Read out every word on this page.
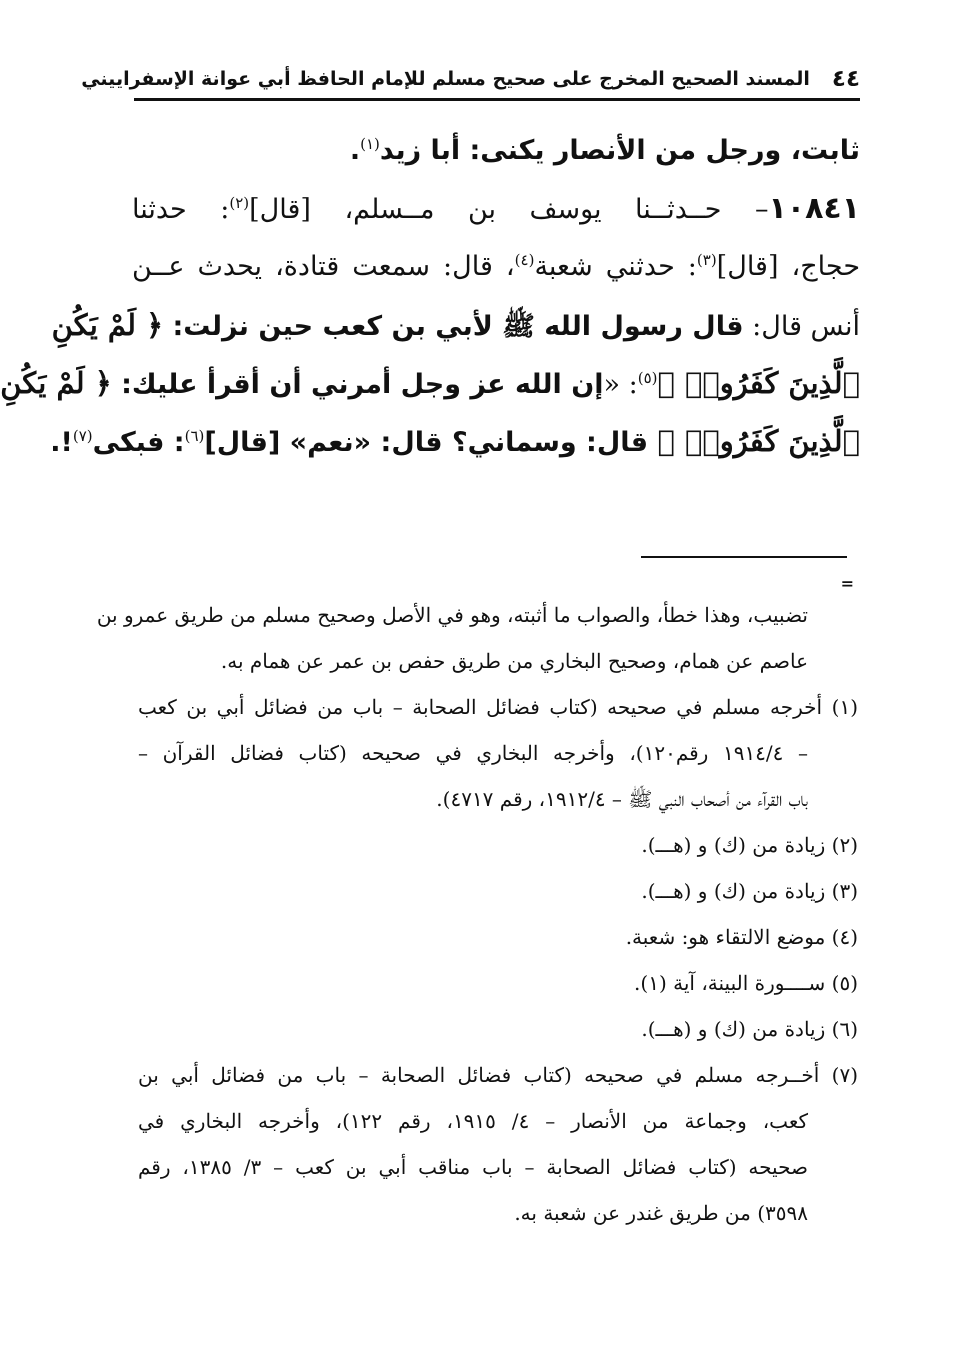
٤٤
المسند الصحيح المخرج على صحيح مسلم للإمام الحافظ أبي عوانة الإسفراييني
ثابت، ورجل من الأنصار يكنى: أبا زيد$^{(١)}$.
١٠٨٤١– حــدثــنا يوسف بن مــسلم، [قال]$^{(٢)}$: حدثنا
حجاج، [قال]$^{(٣)}$: حدثني شعبة$^{(٤)}$، قال: سمعت قتادة، يحدث عــن
أنس قال: قال رسول الله ﷺ لأبي بن كعب حين نزلت: ﴿ لَمْ يَكُنِ
ٱلَّذِينَ كَفَرُوا۟ ﴾$^{(٥)}$: «إن الله عز وجل أمرني أن أقرأ عليك: ﴿ لَمْ يَكُنِ
ٱلَّذِينَ كَفَرُوا۟ ﴾ قال: وسماني؟ قال: «نعم» [قال]$^{(٦)}$: فبكى$^{(٧)}$!.
=
تضبيب، وهذا خطأ، والصواب ما أثبته، وهو في الأصل وصحيح مسلم من طريق عمرو بن
عاصم عن همام، وصحيح البخاري من طريق حفص بن عمر عن همام به.
(١) أخرجه مسلم في صحيحه (كتاب فضائل الصحابة – باب من فضائل أبي بن كعب
– ١٩١٤/٤ رقم١٢٠)، وأخرجه البخاري في صحيحه (كتاب فضائل القرآن –
باب القرآء من أصحاب النبي ﷺ – ١٩١٢/٤، رقم ٤٧١٧).
(٢) زيادة من (ك) و (هـــ).
(٣) زيادة من (ك) و (هـــ).
(٤) موضع الالتقاء هو: شعبة.
(٥) ســــورة البينة، آية (١).
(٦) زيادة من (ك) و (هـــ).
(٧) أخــرجه مسلم في صحيحه (كتاب فضائل الصحابة – باب من فضائل أبي بن
كعب، وجماعة من الأنصار – ٤/ ١٩١٥، رقم ١٢٢)، وأخرجه البخاري في
صحيحه (كتاب فضائل الصحابة – باب مناقب أبي بن كعب – ٣/ ١٣٨٥، رقم
٣٥٩٨) من طريق غندر عن شعبة به.
